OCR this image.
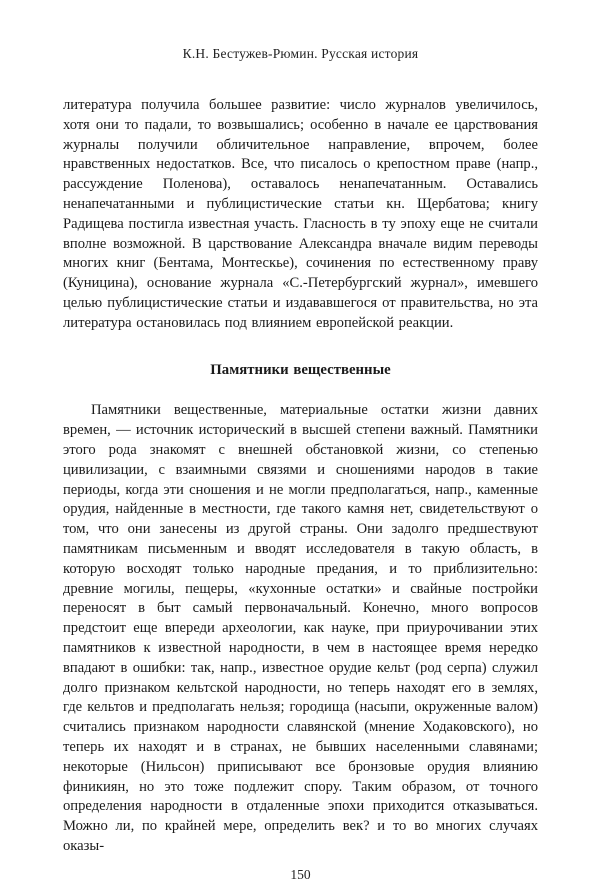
К.Н. Бестужев-Рюмин. Русская история

литература получила большее развитие: число журналов увеличилось, хотя они то падали, то возвышались; особенно в начале ее царствования журналы получили обличительное направление, впрочем, более нравственных недостатков. Все, что писалось о крепостном праве (напр., рассуждение Поленова), оставалось ненапечатанным. Оставались ненапечатанными и публицистические статьи кн. Щербатова; книгу Радищева постигла известная участь. Гласность в ту эпоху еще не считали вполне возможной. В царствование Александра вначале видим переводы многих книг (Бентама, Монтескье), сочинения по естественному праву (Куницина), основание журнала «С.-Петербургский журнал», имевшего целью публицистические статьи и издававшегося от правительства, но эта литература остановилась под влиянием европейской реакции.

Памятники вещественные

Памятники вещественные, материальные остатки жизни давних времен, — источник исторический в высшей степени важный. Памятники этого рода знакомят с внешней обстановкой жизни, со степенью цивилизации, с взаимными связями и сношениями народов в такие периоды, когда эти сношения и не могли предполагаться, напр., каменные орудия, найденные в местности, где такого камня нет, свидетельствуют о том, что они занесены из другой страны. Они задолго предшествуют памятникам письменным и вводят исследователя в такую область, в которую восходят только народные предания, и то приблизительно: древние могилы, пещеры, «кухонные остатки» и свайные постройки переносят в быт самый первоначальный. Конечно, много вопросов предстоит еще впереди археологии, как науке, при приурочивании этих памятников к известной народности, в чем в настоящее время нередко впадают в ошибки: так, напр., известное орудие кельт (род серпа) служил долго признаком кельтской народности, но теперь находят его в землях, где кельтов и предполагать нельзя; городища (насыпи, окруженные валом) считались признаком народности славянской (мнение Ходаковского), но теперь их находят и в странах, не бывших населенными славянами; некоторые (Нильсон) приписывают все бронзовые орудия влиянию финикиян, но это тоже подлежит спору. Таким образом, от точного определения народности в отдаленные эпохи приходится отказываться. Можно ли, по крайней мере, определить век? и то во многих случаях оказы-

150
